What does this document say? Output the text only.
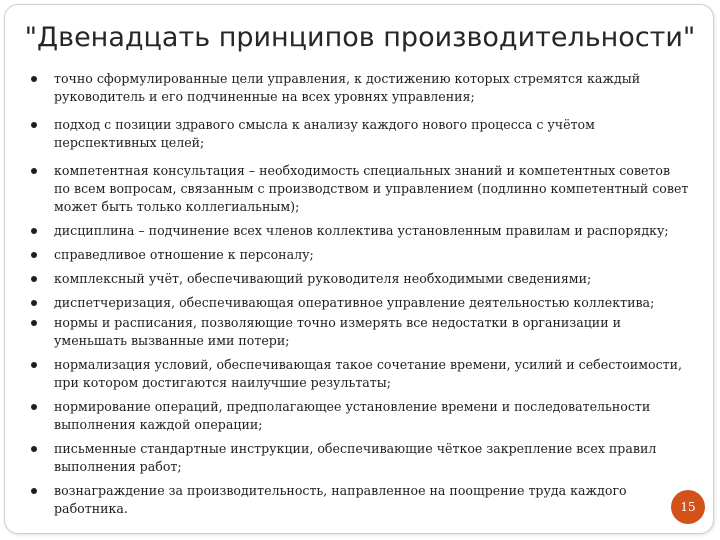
"Двенадцать принципов производительности"
точно сформулированные цели управления, к достижению которых стремятся каждый руководитель и его подчиненные на всех уровнях управления;
подход с позиции здравого смысла к анализу каждого нового процесса с учётом перспективных целей;
компетентная консультация – необходимость специальных знаний и компетентных советов по всем вопросам, связанным с производством и управлением (подлинно компетентный совет может быть только коллегиальным);
дисциплина – подчинение всех членов коллектива установленным правилам и распорядку;
справедливое отношение к персоналу;
комплексный учёт, обеспечивающий руководителя необходимыми сведениями;
диспетчеризация, обеспечивающая оперативное управление деятельностью коллектива;
нормы и расписания, позволяющие точно измерять все недостатки в организации и уменьшать вызванные ими потери;
нормализация условий, обеспечивающая такое сочетание времени, усилий и себестоимости, при котором достигаются наилучшие результаты;
нормирование операций, предполагающее установление времени и последовательности выполнения каждой операции;
письменные стандартные инструкции, обеспечивающие чёткое закрепление всех правил выполнения работ;
вознаграждение за производительность, направленное на поощрение труда каждого работника.	15
